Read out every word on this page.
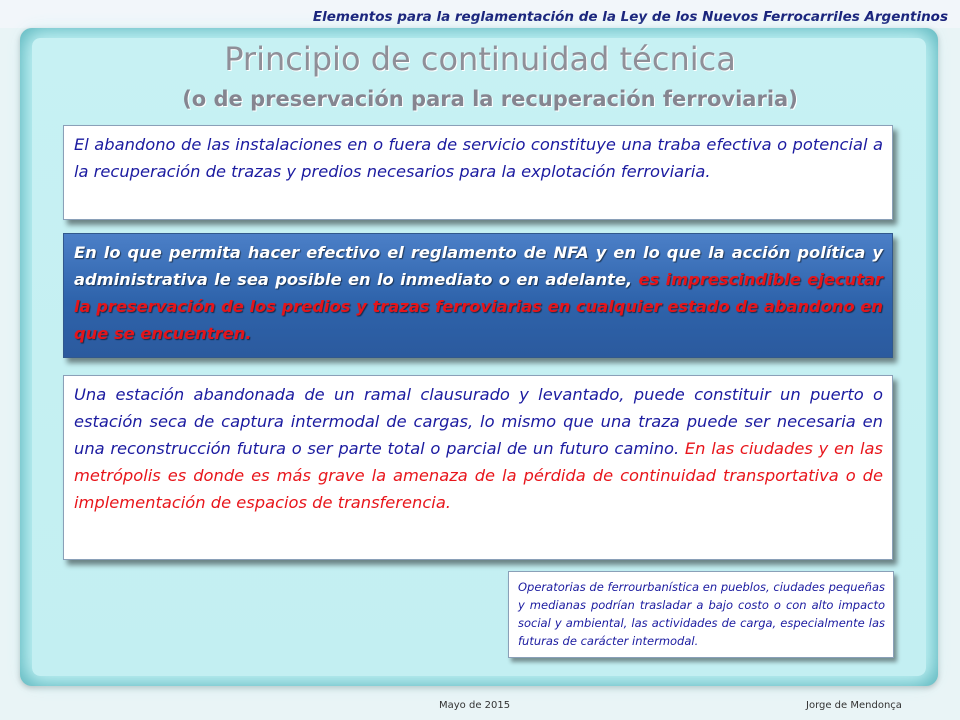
Elementos para la reglamentación de la Ley de los Nuevos Ferrocarriles Argentinos
Principio de continuidad técnica
(o de preservación para la recuperación ferroviaria)
El abandono de las instalaciones en o fuera de servicio constituye una traba efectiva o potencial a la recuperación de trazas y predios necesarios para la explotación ferroviaria.
En lo que permita hacer efectivo el reglamento de NFA y en lo que la acción política y administrativa le sea posible en lo inmediato o en adelante, es imprescindible ejecutar la preservación de los predios y trazas ferroviarias en cualquier estado de abandono en que se encuentren.
Una estación abandonada de un ramal clausurado y levantado, puede constituir un puerto o estación seca de captura intermodal de cargas, lo mismo que una traza puede ser necesaria en una reconstrucción futura o ser parte total o parcial de un futuro camino. En las ciudades y en las metrópolis es donde es más grave la amenaza de la pérdida de continuidad transportativa o de implementación de espacios de transferencia.
Operatorias de ferrourbanística en pueblos, ciudades pequeñas y medianas podrían trasladar a bajo costo o con alto impacto social y ambiental, las actividades de carga, especialmente las futuras de carácter intermodal.
Mayo de 2015	Jorge de Mendonça
